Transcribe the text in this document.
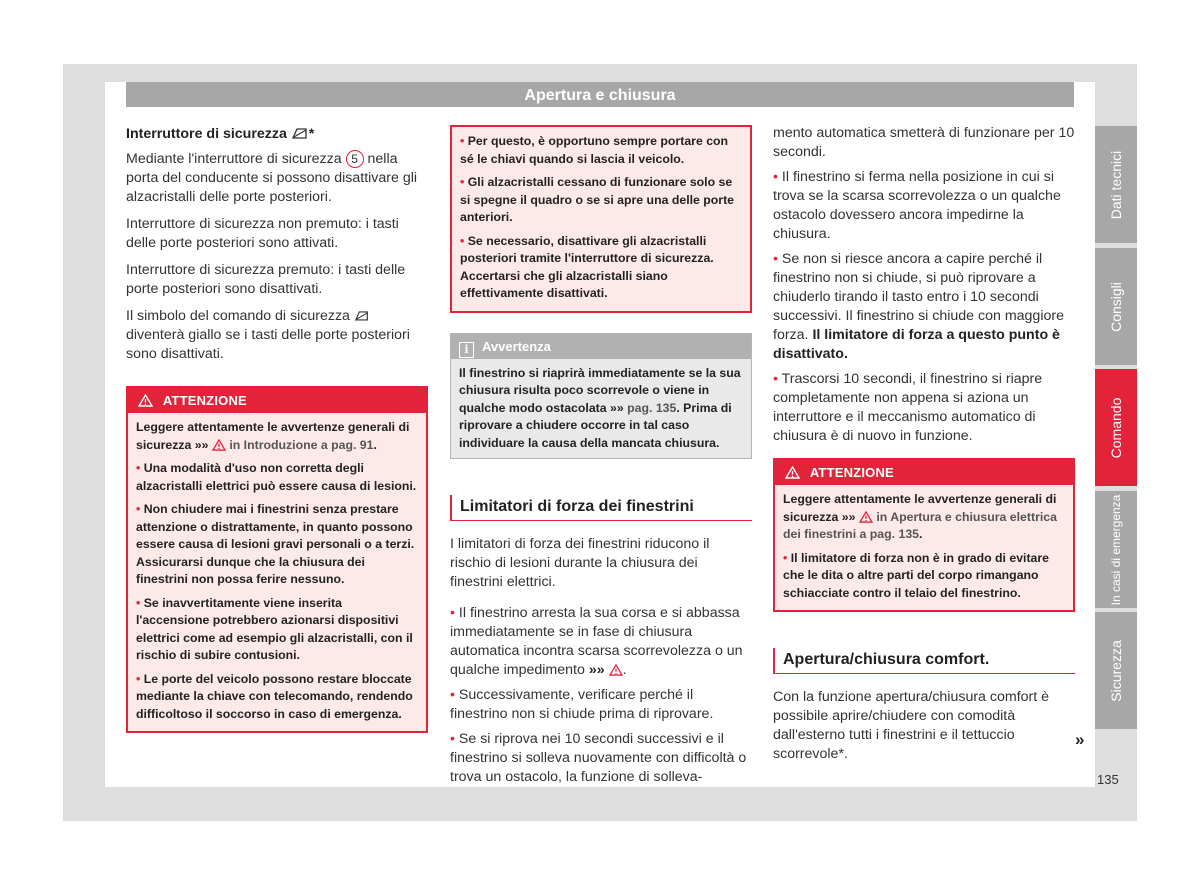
Apertura e chiusura

Interruttore di sicurezza *

Mediante l'interruttore di sicurezza 5 nella porta del conducente si possono disattivare gli alzacristalli delle porte posteriori.

Interruttore di sicurezza non premuto: i tasti delle porte posteriori sono attivati.

Interruttore di sicurezza premuto: i tasti delle porte posteriori sono disattivati.

Il simbolo del comando di sicurezza  diventerà giallo se i tasti delle porte posteriori sono disattivati.

ATTENZIONE

Leggere attentamente le avvertenze generali di sicurezza »» in Introduzione a pag. 91.

• Una modalità d'uso non corretta degli alzacristalli elettrici può essere causa di lesioni.

• Non chiudere mai i finestrini senza prestare attenzione o distrattamente, in quanto possono essere causa di lesioni gravi personali o a terzi. Assicurarsi dunque che la chiusura dei finestrini non possa ferire nessuno.

• Se inavvertitamente viene inserita l'accensione potrebbero azionarsi dispositivi elettrici come ad esempio gli alzacristalli, con il rischio di subire contusioni.

• Le porte del veicolo possono restare bloccate mediante la chiave con telecomando, rendendo difficoltoso il soccorso in caso di emergenza.

• Per questo, è opportuno sempre portare con sé le chiavi quando si lascia il veicolo.

• Gli alzacristalli cessano di funzionare solo se si spegne il quadro o se si apre una delle porte anteriori.

• Se necessario, disattivare gli alzacristalli posteriori tramite l'interruttore di sicurezza. Accertarsi che gli alzacristalli siano effettivamente disattivati.

i Avvertenza
Il finestrino si riaprirà immediatamente se la sua chiusura risulta poco scorrevole o viene in qualche modo ostacolata »» pag. 135. Prima di riprovare a chiudere occorre in tal caso individuare la causa della mancata chiusura.
Limitatori di forza dei finestrini

I limitatori di forza dei finestrini riducono il rischio di lesioni durante la chiusura dei finestrini elettrici.

• Il finestrino arresta la sua corsa e si abbassa immediatamente se in fase di chiusura automatica incontra scarsa scorrevolezza o un qualche impedimento »» .

• Successivamente, verificare perché il finestrino non si chiude prima di riprovare.

• Se si riprova nei 10 secondi successivi e il finestrino si solleva nuovamente con difficoltà o trova un ostacolo, la funzione di solleva-

mento automatica smetterà di funzionare per 10 secondi.

• Il finestrino si ferma nella posizione in cui si trova se la scarsa scorrevolezza o un qualche ostacolo dovessero ancora impedirne la chiusura.

• Se non si riesce ancora a capire perché il finestrino non si chiude, si può riprovare a chiuderlo tirando il tasto entro i 10 secondi successivi. Il finestrino si chiude con maggiore forza. Il limitatore di forza a questo punto è disattivato.

• Trascorsi 10 secondi, il finestrino si riapre completamente non appena si aziona un interruttore e il meccanismo automatico di chiusura è di nuovo in funzione.

ATTENZIONE

Leggere attentamente le avvertenze generali di sicurezza »» in Apertura e chiusura elettrica dei finestrini a pag. 135.

• Il limitatore di forza non è in grado di evitare che le dita o altre parti del corpo rimangano schiacciate contro il telaio del finestrino.

Apertura/chiusura comfort.

Con la funzione apertura/chiusura comfort è possibile aprire/chiudere con comodità dall'esterno tutti i finestrini e il tettuccio scorrevole*.

Dati tecnici
Consigli
Comando
In casi di emergenza
Sicurezza
»
135
